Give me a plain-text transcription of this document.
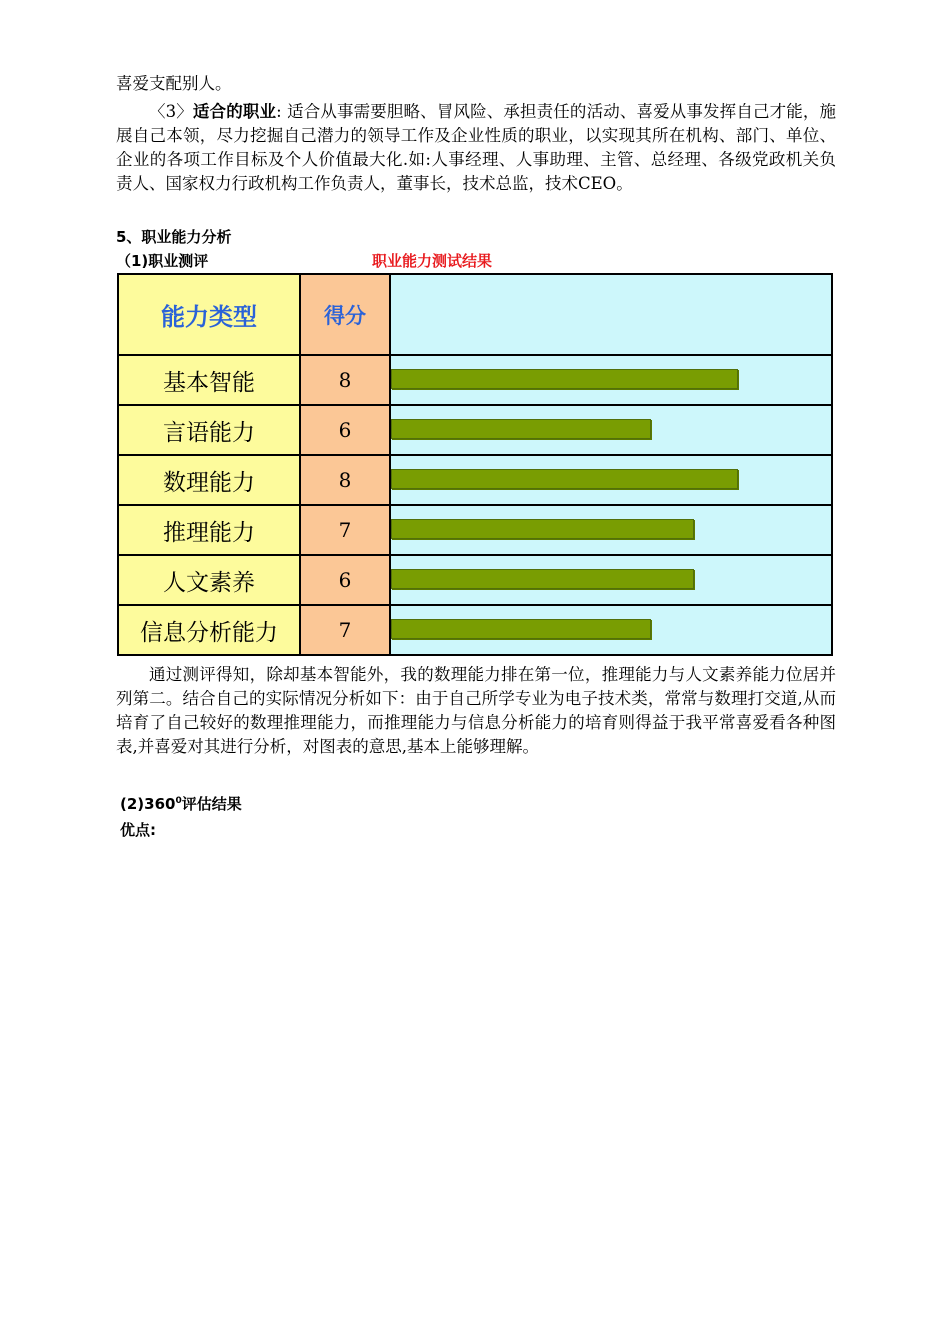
喜爱支配别人。

〈3〉适合的职业: 适合从事需要胆略、冒风险、承担责任的活动、喜爱从事发挥自己才能，施展自己本领，尽力挖掘自己潜力的领导工作及企业性质的职业，以实现其所在机构、部门、单位、企业的各项工作目标及个人价值最大化.如:人事经理、人事助理、主管、总经理、各级党政机关负责人、国家权力行政机构工作负责人，董事长，技术总监，技术CEO。

5、职业能力分析

（1)职业测评	职业能力测试结果
能力类型	得分	
基本智能	8	

言语能力	6	

数理能力	8	

推理能力	7	

人文素养	6	

信息分析能力	7	

通过测评得知，除却基本智能外，我的数理能力排在第一位，推理能力与人文素养能力位居并列第二。结合自己的实际情况分析如下：由于自己所学专业为电子技术类，常常与数理打交道,从而培育了自己较好的数理推理能力，而推理能力与信息分析能力的培育则得益于我平常喜爱看各种图表,并喜爱对其进行分析，对图表的意思,基本上能够理解。

$(2)360^0$评估结果

优点:
